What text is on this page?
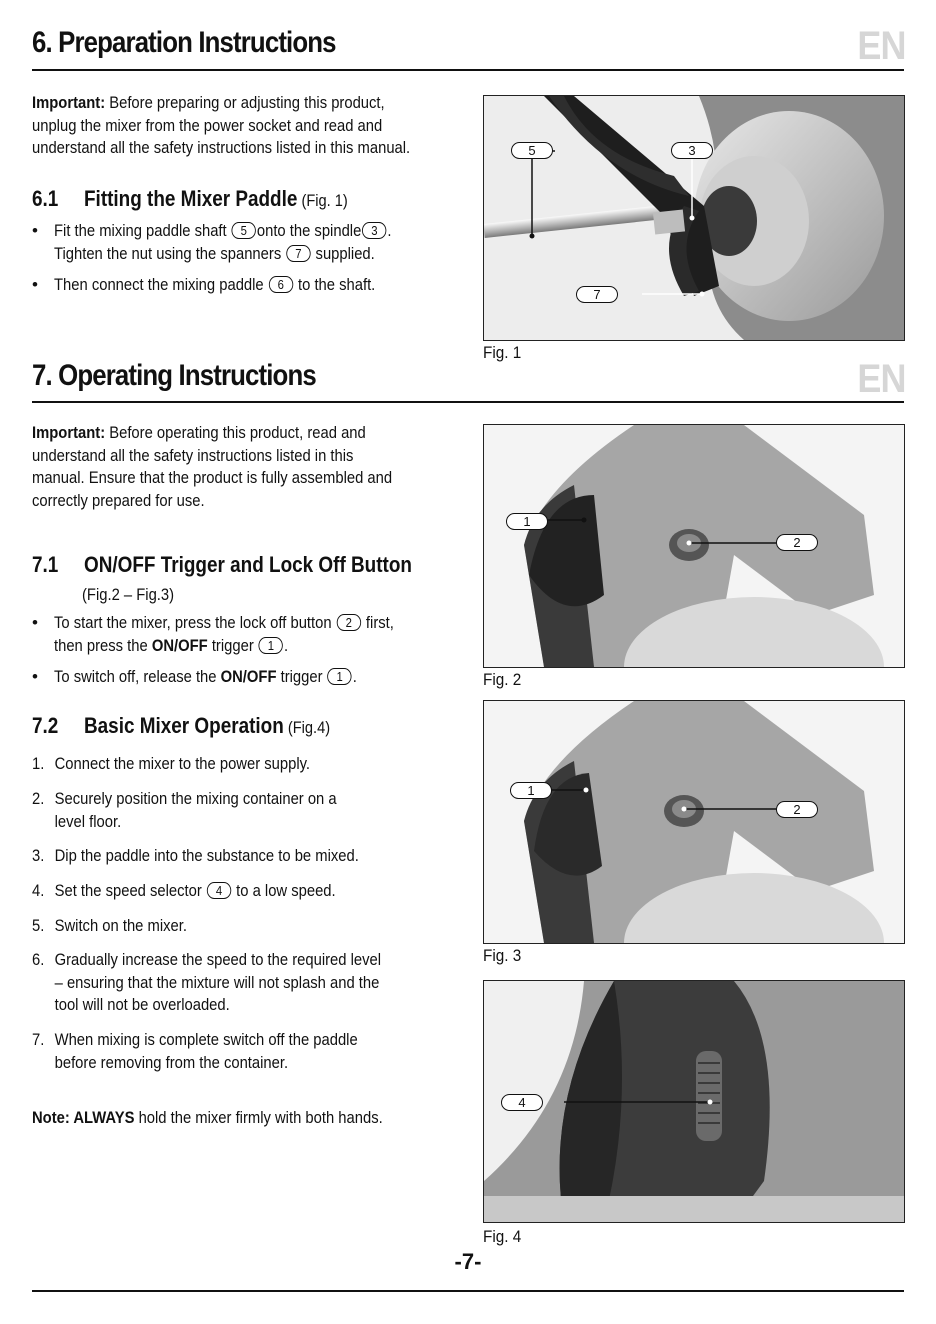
6. Preparation Instructions	EN
Important: Before preparing or adjusting this product,
unplug the mixer from the power socket and read and
understand all the safety instructions listed in this manual.
6.1 Fitting the Mixer Paddle (Fig. 1)
• Fit the mixing paddle shaft 5 onto the spindle 3 .
Tighten the nut using the spanners 7 supplied.
• Then connect the mixing paddle 6 to the shaft.
5	3
7
Fig. 1
7. Operating Instructions	EN
Important: Before operating this product, read and
understand all the safety instructions listed in this
manual. Ensure that the product is fully assembled and
correctly prepared for use.
7.1 ON/OFF Trigger and Lock Off Button
(Fig.2 – Fig.3)
• To start the mixer, press the lock off button 2 first,
then press the ON/OFF trigger 1 .
• To switch off, release the ON/OFF trigger 1 .
7.2 Basic Mixer Operation (Fig.4)
1. Connect the mixer to the power supply.
2. Securely position the mixing container on a
level floor.
3. Dip the paddle into the substance to be mixed.
4. Set the speed selector 4 to a low speed.
5. Switch on the mixer.
6. Gradually increase the speed to the required level
– ensuring that the mixture will not splash and the
tool will not be overloaded.
7. When mixing is complete switch off the paddle
before removing from the container.
Note: ALWAYS hold the mixer firmly with both hands.
1
2
Fig. 2
1
2
Fig. 3
4
Fig. 4
-7-
